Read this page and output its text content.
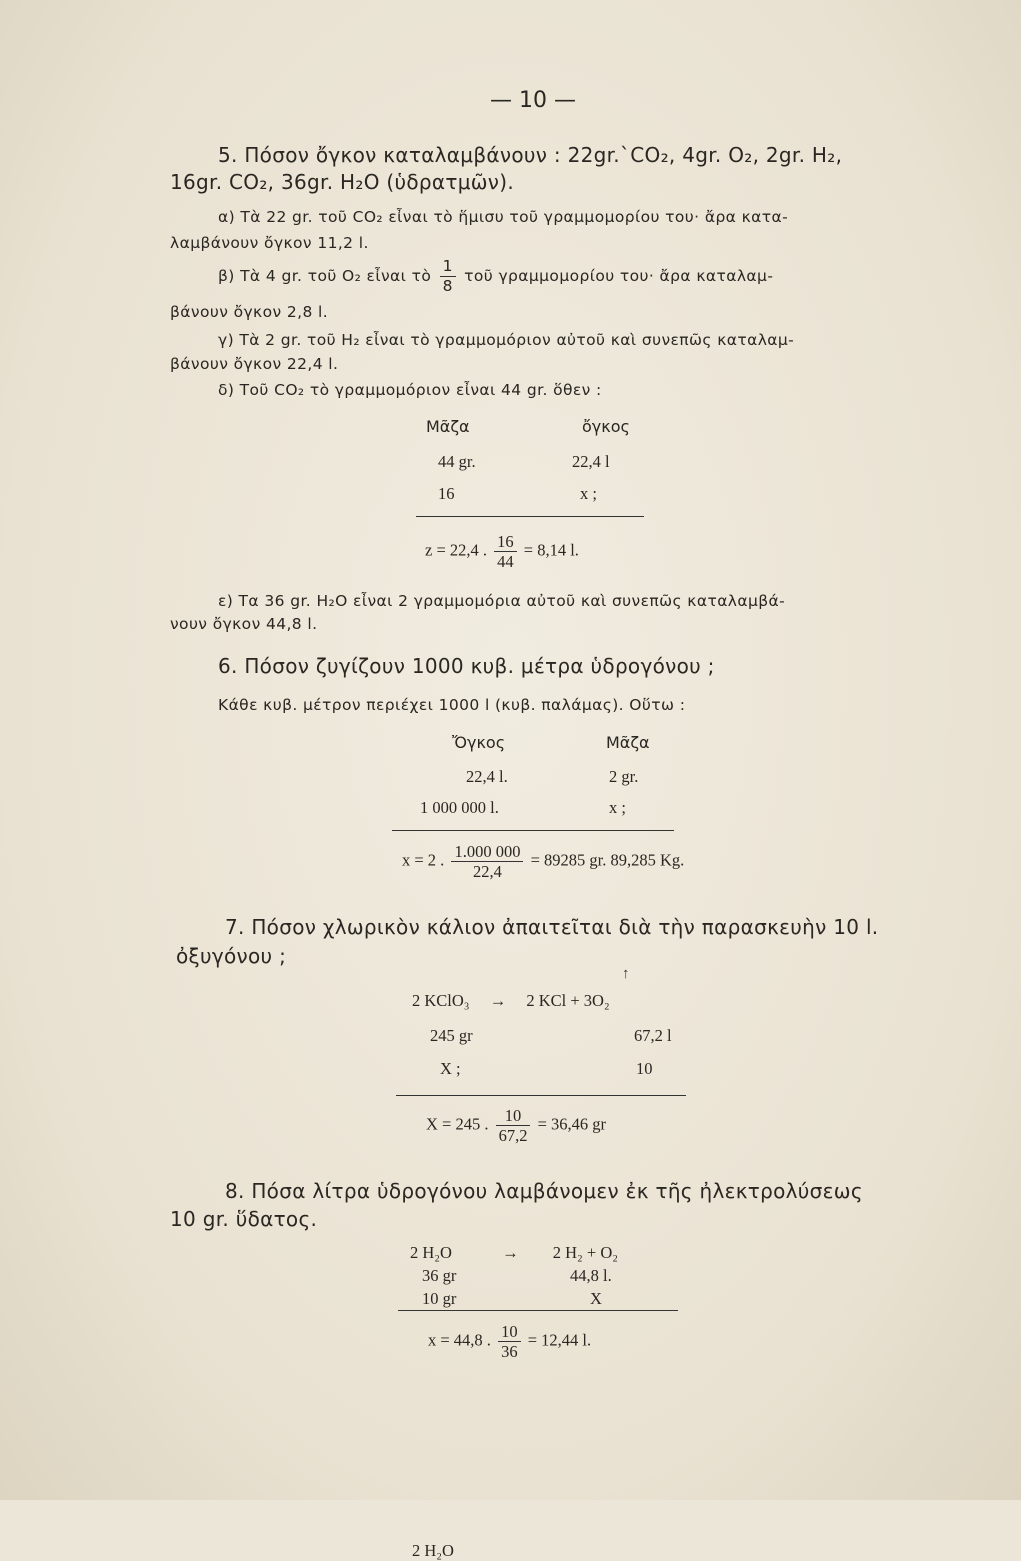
— 10 —
5. Πόσον ὄγκον καταλαμβάνουν : 22gr.`CO₂, 4gr. O₂, 2gr. H₂,
16gr. CO₂, 36gr. H₂O (ὑδρατμῶν).
α) Τὰ 22 gr. τοῦ CO₂ εἶναι τὸ ἥμισυ τοῦ γραμμομορίου του· ἄρα κατα-
λαμβάνουν ὄγκον 11,2 l.
β) Τὰ 4 gr. τοῦ O₂ εἶναι τὸ $\frac{1}{8}$ τοῦ γραμμομορίου του· ἄρα καταλαμ-
βάνουν ὄγκον 2,8 l.
γ) Τὰ 2 gr. τοῦ H₂ εἶναι τὸ γραμμομόριον αὐτοῦ καὶ συνεπῶς καταλαμ-
βάνουν ὄγκον 22,4 l.
δ) Τοῦ CO₂ τὸ γραμμομόριον εἶναι 44 gr. ὅθεν :
Μᾶζα	ὄγκος
44 gr.	22,4 l
16	x ;
z = 22,4 . $\frac{16}{44} = 8,14$ l.
ε) Τα 36 gr. H₂O εἶναι 2 γραμμομόρια αὐτοῦ καὶ συνεπῶς καταλαμβά-
νουν ὄγκον 44,8 l.
6. Πόσον ζυγίζουν 1000 κυβ. μέτρα ὑδρογόνου ;
Κάθε κυβ. μέτρον περιέχει 1000 l (κυβ. παλάμας). Οὕτω :
Ὄγκος	Μᾶζα
22,4 l.	2 gr.
1 000 000 l.	x ;
x = 2 . $\frac{1.000 000}{22,4} = 89285$ gr. 89,285 Kg.
7. Πόσον χλωρικὸν κάλιον ἀπαιτεῖται διὰ τὴν παρασκευὴν 10 l.
ὀξυγόνου ;
↑
2 KClO₃ → 2 KCl + 3O₂
245 gr	67,2 l
X ;	10
X = 245 . $\frac{10}{67,2} = 36,46$ gr
8. Πόσα λίτρα ὑδρογόνου λαμβάνομεν ἐκ τῆς ἠλεκτρολύσεως
10 gr. ὕδατος.
2 H₂O
2 H₂O	→ 2 H₂ + O₂
36 gr	44,8 l.
10 gr	X
x = 44,8 . $\frac{10}{36} = 12,44$ l.
